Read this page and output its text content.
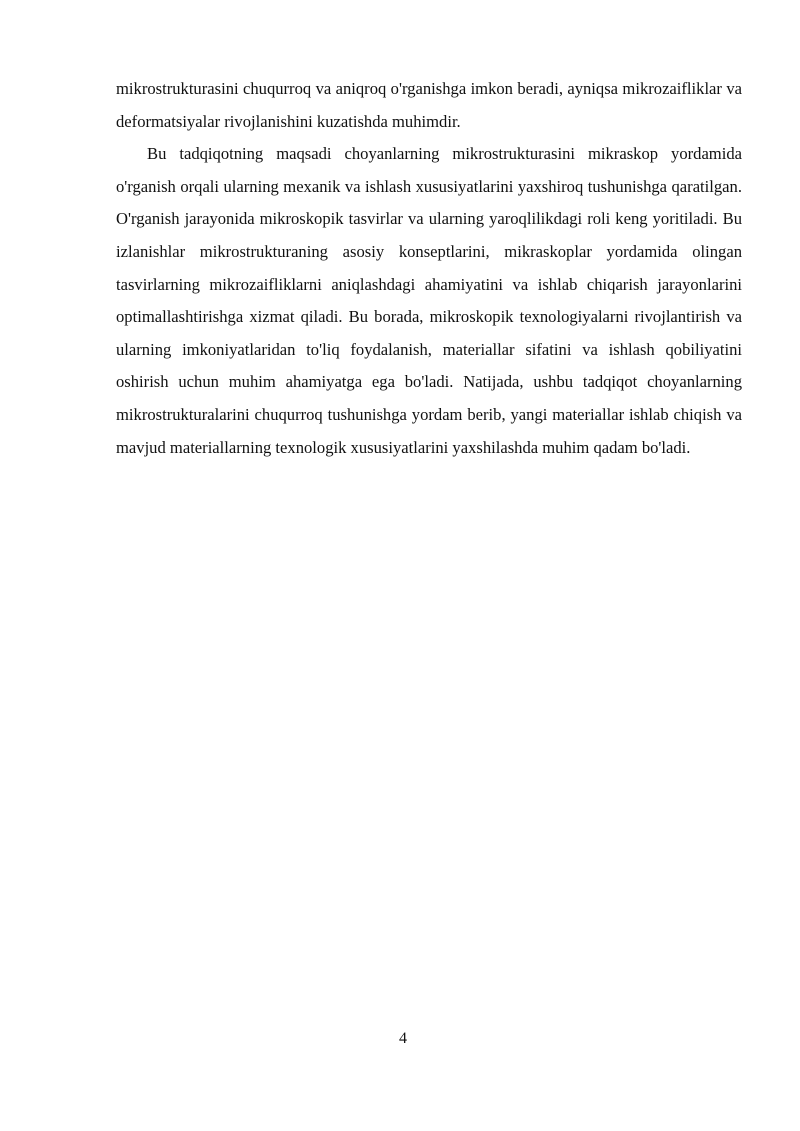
mikrostrukturasini chuqurroq va aniqroq o'rganishga imkon beradi, ayniqsa mikrozaifliklar va deformatsiyalar rivojlanishini kuzatishda muhimdir.

Bu tadqiqotning maqsadi choyanlarning mikrostrukturasini mikraskop yordamida o'rganish orqali ularning mexanik va ishlash xususiyatlarini yaxshiroq tushunishga qaratilgan. O'rganish jarayonida mikroskopik tasvirlar va ularning yaroqlilikdagi roli keng yoritiladi. Bu izlanishlar mikrostrukturaning asosiy konseptlarini, mikraskoplar yordamida olingan tasvirlarning mikrozaifliklarni aniqlashdagi ahamiyatini va ishlab chiqarish jarayonlarini optimallashtirishga xizmat qiladi. Bu borada, mikroskopik texnologiyalarni rivojlantirish va ularning imkoniyatlaridan to'liq foydalanish, materiallar sifatini va ishlash qobiliyatini oshirish uchun muhim ahamiyatga ega bo'ladi. Natijada, ushbu tadqiqot choyanlarning mikrostrukturalarini chuqurroq tushunishga yordam berib, yangi materiallar ishlab chiqish va mavjud materiallarning texnologik xususiyatlarini yaxshilashda muhim qadam bo'ladi.

4
